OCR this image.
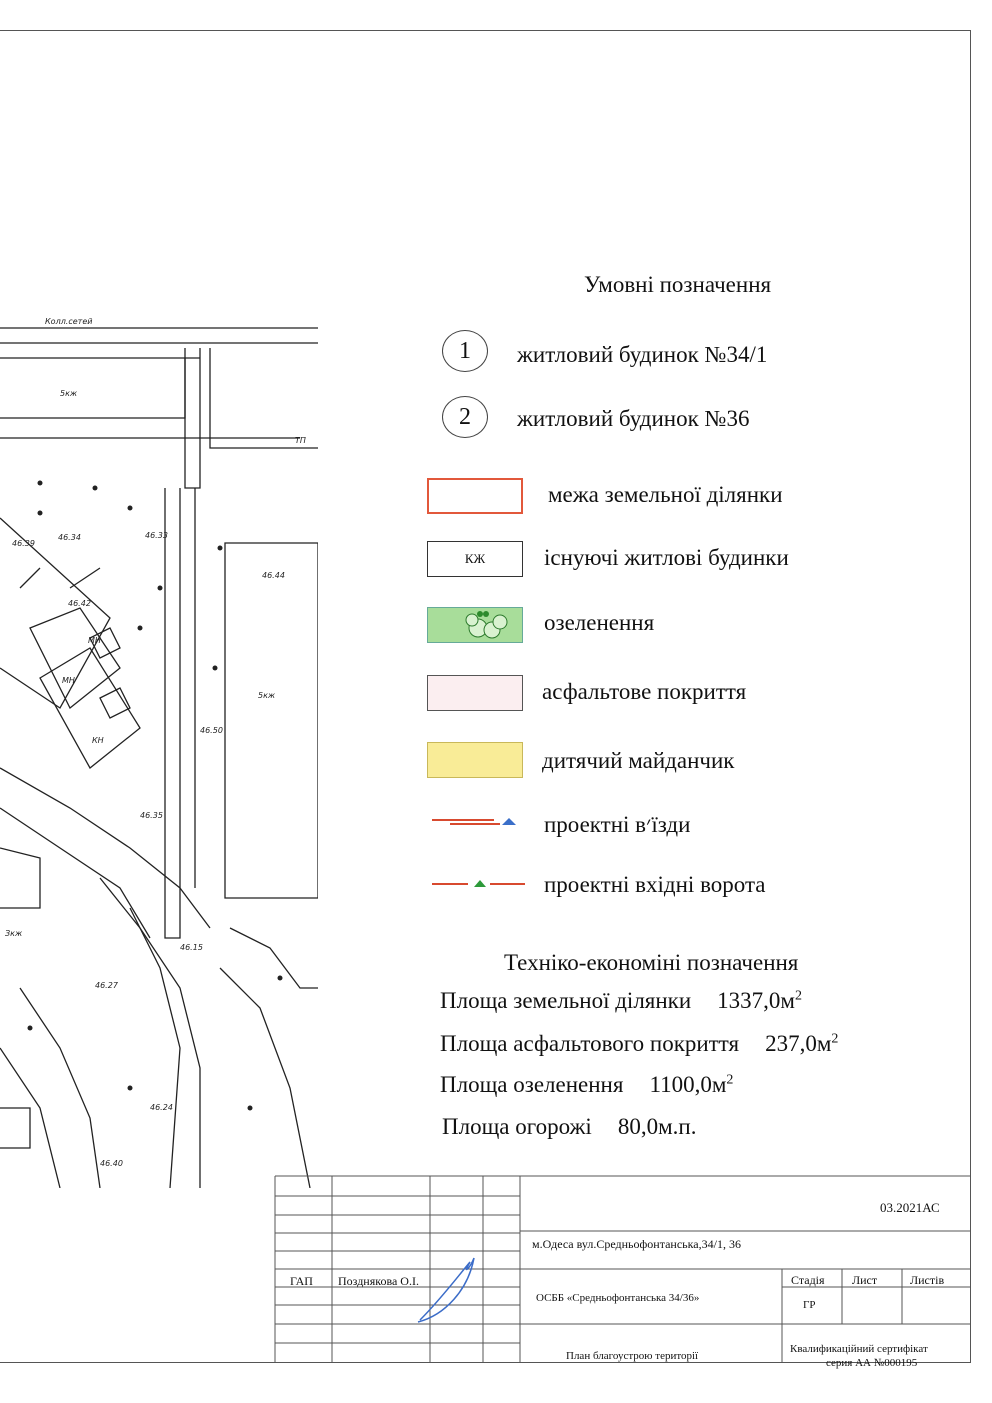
Колл.сетей
5кж
5кж
КН
МН
МН
ТП
46.34
46.39
46.42
46.33
46.44
46.50
46.27
46.35
46.24
46.15
46.40
Зкж
Умовні позначення
1	житловий будинок №34/1
2	житловий будинок №36
межа земельної ділянки
КЖ	існуючі житлові будинки
озеленення
асфальтове покриття
дитячий майданчик
проектні в׳їзди
проектні вхідні ворота
Техніко-економіні позначення
Площа земельної ділянки $1337,0м^2$
Площа асфальтового покриття $237,0м^2$
Площа озеленення $1100,0м^2$
Площа огорожі 80,0м.п.
03.2021АС
м.Одеса вул.Средньофонтанська,34/1, 36
ГАП Позднякова О.І.
ОСББ «Средньофонтанська 34/36»
Стадія Лист	Листів
ГР
План благоустрою території
Квалификаційний сертифікат
серия АА №000195
